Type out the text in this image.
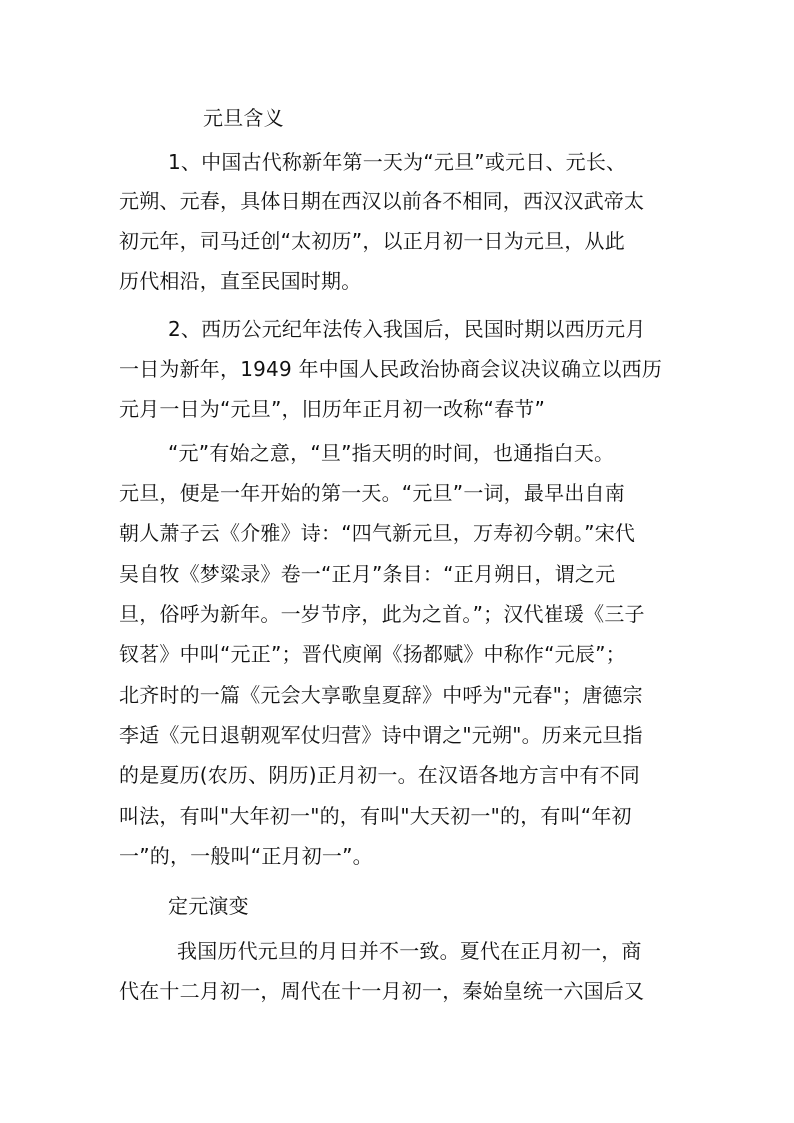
元旦含义

1、中国古代称新年第一天为“元旦”或元日、元长、

元朔、元春，具体日期在西汉以前各不相同，西汉汉武帝太

初元年，司马迁创“太初历”，以正月初一日为元旦，从此

历代相沿，直至民国时期。

2、西历公元纪年法传入我国后，民国时期以西历元月

一日为新年，1949 年中国人民政治协商会议决议确立以西历

元月一日为“元旦”，旧历年正月初一改称“春节”

“元”有始之意，“旦”指天明的时间，也通指白天。

元旦，便是一年开始的第一天。“元旦”一词，最早出自南

朝人萧子云《介雅》诗：“四气新元旦，万寿初今朝。”宋代

吴自牧《梦粱录》卷一“正月”条目：“正月朔日，谓之元

旦，俗呼为新年。一岁节序，此为之首。”；汉代崔瑗《三子

钗茗》中叫“元正”；晋代庾阐《扬都赋》中称作“元辰”；

北齐时的一篇《元会大享歌皇夏辞》中呼为"元春"；唐德宗

李适《元日退朝观军仗归营》诗中谓之"元朔"。历来元旦指

的是夏历(农历、阴历)正月初一。在汉语各地方言中有不同

叫法，有叫"大年初一"的，有叫"大天初一"的，有叫“年初

一”的，一般叫“正月初一”。

定元演变

我国历代元旦的月日并不一致。夏代在正月初一，商

代在十二月初一，周代在十一月初一，秦始皇统一六国后又
